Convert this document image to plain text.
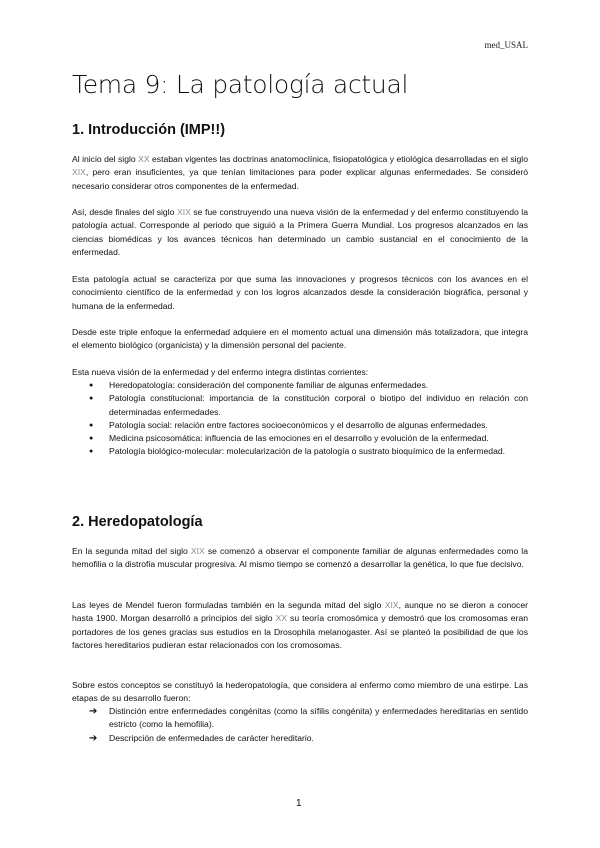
med_USAL
Tema 9: La patología actual
1. Introducción (IMP!!)

Al inicio del siglo XX estaban vigentes las doctrinas anatomoclínica, fisiopatológica y etiológica desarrolladas en el siglo XIX, pero eran insuficientes, ya que tenían limitaciones para poder explicar algunas enfermedades. Se consideró necesario considerar otros componentes de la enfermedad.

Así, desde finales del siglo XIX se fue construyendo una nueva visión de la enfermedad y del enfermo constituyendo la patología actual. Corresponde al periodo que siguió a la Primera Guerra Mundial. Los progresos alcanzados en las ciencias biomédicas y los avances técnicos han determinado un cambio sustancial en el conocimiento de la enfermedad.

Esta patología actual se caracteriza por que suma las innovaciones y progresos técnicos con los avances en el conocimiento científico de la enfermedad y con los logros alcanzados desde la consideración biográfica, personal y humana de la enfermedad.

Desde este triple enfoque la enfermedad adquiere en el momento actual una dimensión más totalizadora, que integra el elemento biológico (organicista) y la dimensión personal del paciente.

Esta nueva visión de la enfermedad y del enfermo integra distintas corrientes:

● Heredopatología: consideración del componente familiar de algunas enfermedades.
● Patología constitucional: importancia de la constitución corporal o biotipo del individuo en relación con determinadas enfermedades.
● Patología social: relación entre factores socioeconómicos y el desarrollo de algunas enfermedades.
● Medicina psicosomática: influencia de las emociones en el desarrollo y evolución de la enfermedad.
● Patología biológico-molecular: molecularización de la patología o sustrato bioquímico de la enfermedad.
2. Heredopatología

En la segunda mitad del siglo XIX se comenzó a observar el componente familiar de algunas enfermedades como la hemofilia o la distrofia muscular progresiva. Al mismo tiempo se comenzó a desarrollar la genética, lo que fue decisivo.

Las leyes de Mendel fueron formuladas también en la segunda mitad del siglo XIX, aunque no se dieron a conocer hasta 1900. Morgan desarrolló a principios del siglo XX su teoría cromosómica y demostró que los cromosomas eran portadores de los genes gracias sus estudios en la Drosophila melanogaster. Así se planteó la posibilidad de que los factores hereditarios pudieran estar relacionados con los cromosomas.

Sobre estos conceptos se constituyó la hederopatología, que considera al enfermo como miembro de una estirpe. Las etapas de su desarrollo fueron:

➔ Distinción entre enfermedades congénitas (como la sífilis congénita) y enfermedades hereditarias en sentido estricto (como la hemofilia).
➔ Descripción de enfermedades de carácter hereditario.
1
